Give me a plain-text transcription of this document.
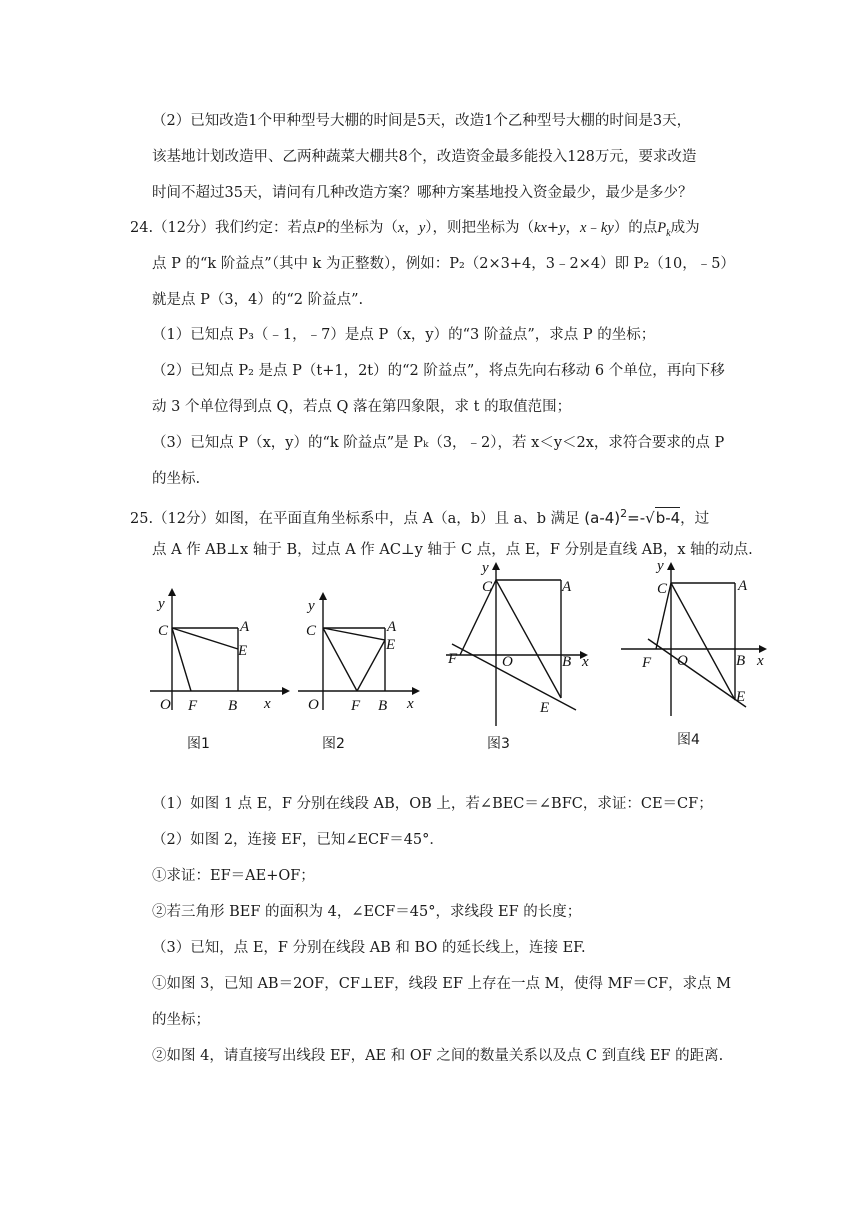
（2）已知改造1个甲种型号大棚的时间是5天，改造1个乙种型号大棚的时间是3天，
该基地计划改造甲、乙两种蔬菜大棚共8个，改造资金最多能投入128万元，要求改造
时间不超过35天，请问有几种改造方案？哪种方案基地投入资金最少，最少是多少？
24.（12分）我们约定：若点P的坐标为（x，y），则把坐标为（kx+y，x﹣ky）的点$P_k$成为
点 P 的“k 阶益点”（其中 k 为正整数），例如：P₂（2×3+4，3﹣2×4）即 P₂（10，﹣5）
就是点 P（3，4）的“2 阶益点”.
（1）已知点 P₃（﹣1，﹣7）是点 P（x，y）的“3 阶益点”，求点 P 的坐标；
（2）已知点 P₂ 是点 P（t+1，2t）的“2 阶益点”，将点先向右移动 6 个单位，再向下移
动 3 个单位得到点 Q，若点 Q 落在第四象限，求 t 的取值范围；
（3）已知点 P（x，y）的“k 阶益点”是 Pₖ（3，﹣2），若 x＜y＜2x，求符合要求的点 P
的坐标.
25.（12分）如图，在平面直角坐标系中，点 A（a，b）且 a、b 满足 $(a-4)^2=-√b-4$，过
点 A 作 AB⊥x 轴于 B，过点 A 作 AC⊥y 轴于 C 点，点 E，F 分别是直线 AB，x 轴的动点.
y
C	A
E
O F B x
图1
y
C	A
E
O F B x
图2
y
C	A
F	O	B x
E
图3
y
C	A
F O	B x
E
图4
（1）如图 1 点 E，F 分别在线段 AB，OB 上，若∠BEC＝∠BFC，求证：CE＝CF；
（2）如图 2，连接 EF，已知∠ECF＝45°．
①求证：EF＝AE+OF；
②若三角形 BEF 的面积为 4，∠ECF＝45°，求线段 EF 的长度；
（3）已知，点 E，F 分别在线段 AB 和 BO 的延长线上，连接 EF.
①如图 3，已知 AB＝2OF，CF⊥EF，线段 EF 上存在一点 M，使得 MF＝CF，求点 M
的坐标；
②如图 4，请直接写出线段 EF，AE 和 OF 之间的数量关系以及点 C 到直线 EF 的距离.
